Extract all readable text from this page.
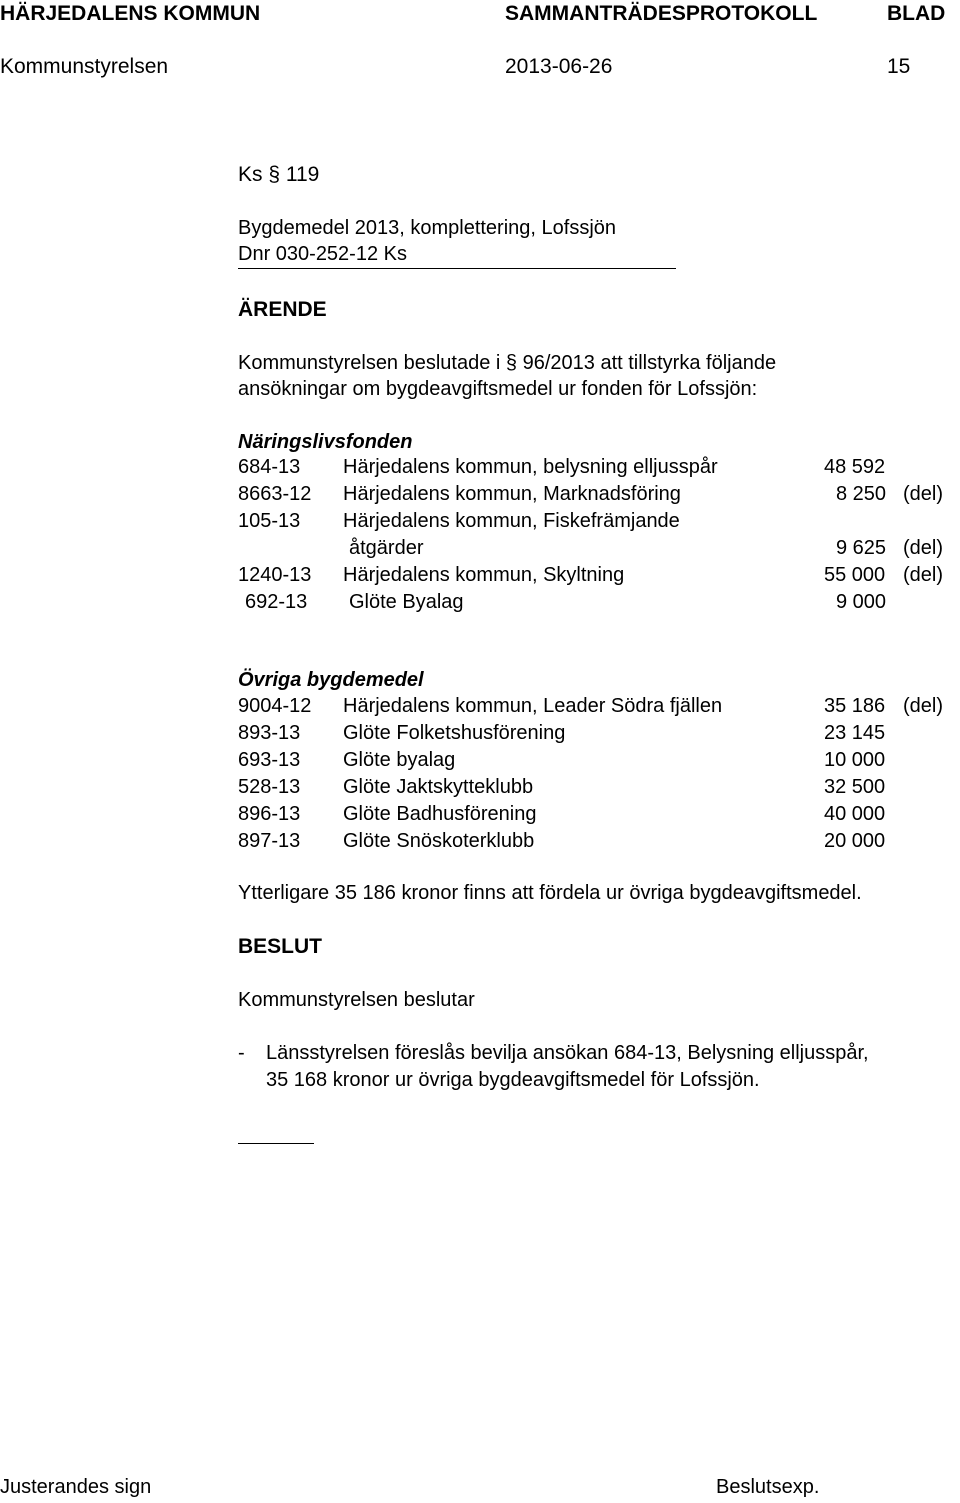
HÄRJEDALENS KOMMUN	SAMMANTRÄDESPROTOKOLL	BLAD
Kommunstyrelsen	2013-06-26	15
Ks § 119
Bygdemedel 2013, komplettering, Lofssjön
Dnr 030-252-12 Ks
ÄRENDE
Kommunstyrelsen beslutade i § 96/2013 att tillstyrka följande
ansökningar om bygdeavgiftsmedel ur fonden för Lofssjön:
Näringslivsfonden
684-13 Härjedalens kommun, belysning elljusspår	48 592
8663-12 Härjedalens kommun, Marknadsföring	8 250 (del)
105-13 Härjedalens kommun, Fiskefrämjande
åtgärder	9 625 (del)
1240-13 Härjedalens kommun, Skyltning	55 000 (del)
692-13 Glöte Byalag	9 000
Övriga bygdemedel
9004-12 Härjedalens kommun, Leader Södra fjällen	35 186 (del)
893-13 Glöte Folketshusförening	23 145
693-13 Glöte byalag	10 000
528-13 Glöte Jaktskytteklubb	32 500
896-13 Glöte Badhusförening	40 000
897-13 Glöte Snöskoterklubb	20 000
Ytterligare 35 186 kronor finns att fördela ur övriga bygdeavgiftsmedel.
BESLUT
Kommunstyrelsen beslutar
- Länsstyrelsen föreslås bevilja ansökan 684-13, Belysning elljusspår,
35 168 kronor ur övriga bygdeavgiftsmedel för Lofssjön.
Justerandes sign	Beslutsexp.
